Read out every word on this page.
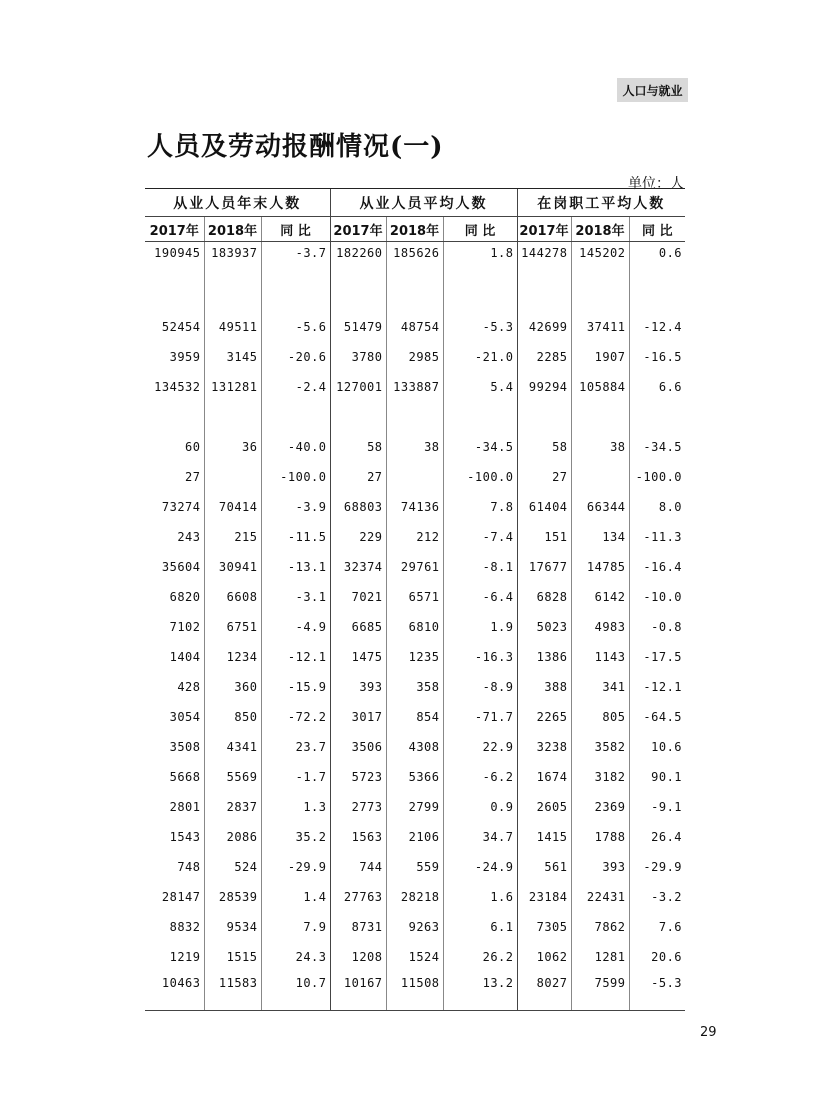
人口与就业
人员及劳动报酬情况(一)
单位：人
从业人员年末人数			从业人员平均人数			在岗职工平均人数		
2017年	2018年	同 比	2017年	2018年	同 比	2017年	2018年	同 比
190945	183937	-3.7	182260	185626	1.8	144278	145202	0.6

52454	49511	-5.6	51479	48754	-5.3	42699	37411	-12.4
3959	3145	-20.6	3780	2985	-21.0	2285	1907	-16.5
134532	131281	-2.4	127001	133887	5.4	99294	105884	6.6

60	36	-40.0	58	38	-34.5	58	38	-34.5
27		-100.0	27		-100.0	27		-100.0
73274	70414	-3.9	68803	74136	7.8	61404	66344	8.0
243	215	-11.5	229	212	-7.4	151	134	-11.3
35604	30941	-13.1	32374	29761	-8.1	17677	14785	-16.4
6820	6608	-3.1	7021	6571	-6.4	6828	6142	-10.0
7102	6751	-4.9	6685	6810	1.9	5023	4983	-0.8
1404	1234	-12.1	1475	1235	-16.3	1386	1143	-17.5
428	360	-15.9	393	358	-8.9	388	341	-12.1
3054	850	-72.2	3017	854	-71.7	2265	805	-64.5
3508	4341	23.7	3506	4308	22.9	3238	3582	10.6
5668	5569	-1.7	5723	5366	-6.2	1674	3182	90.1
2801	2837	1.3	2773	2799	0.9	2605	2369	-9.1
1543	2086	35.2	1563	2106	34.7	1415	1788	26.4
748	524	-29.9	744	559	-24.9	561	393	-29.9
28147	28539	1.4	27763	28218	1.6	23184	22431	-3.2
8832	9534	7.9	8731	9263	6.1	7305	7862	7.6
1219	1515	24.3	1208	1524	26.2	1062	1281	20.6
10463	11583	10.7	10167	11508	13.2	8027	7599	-5.3
29
